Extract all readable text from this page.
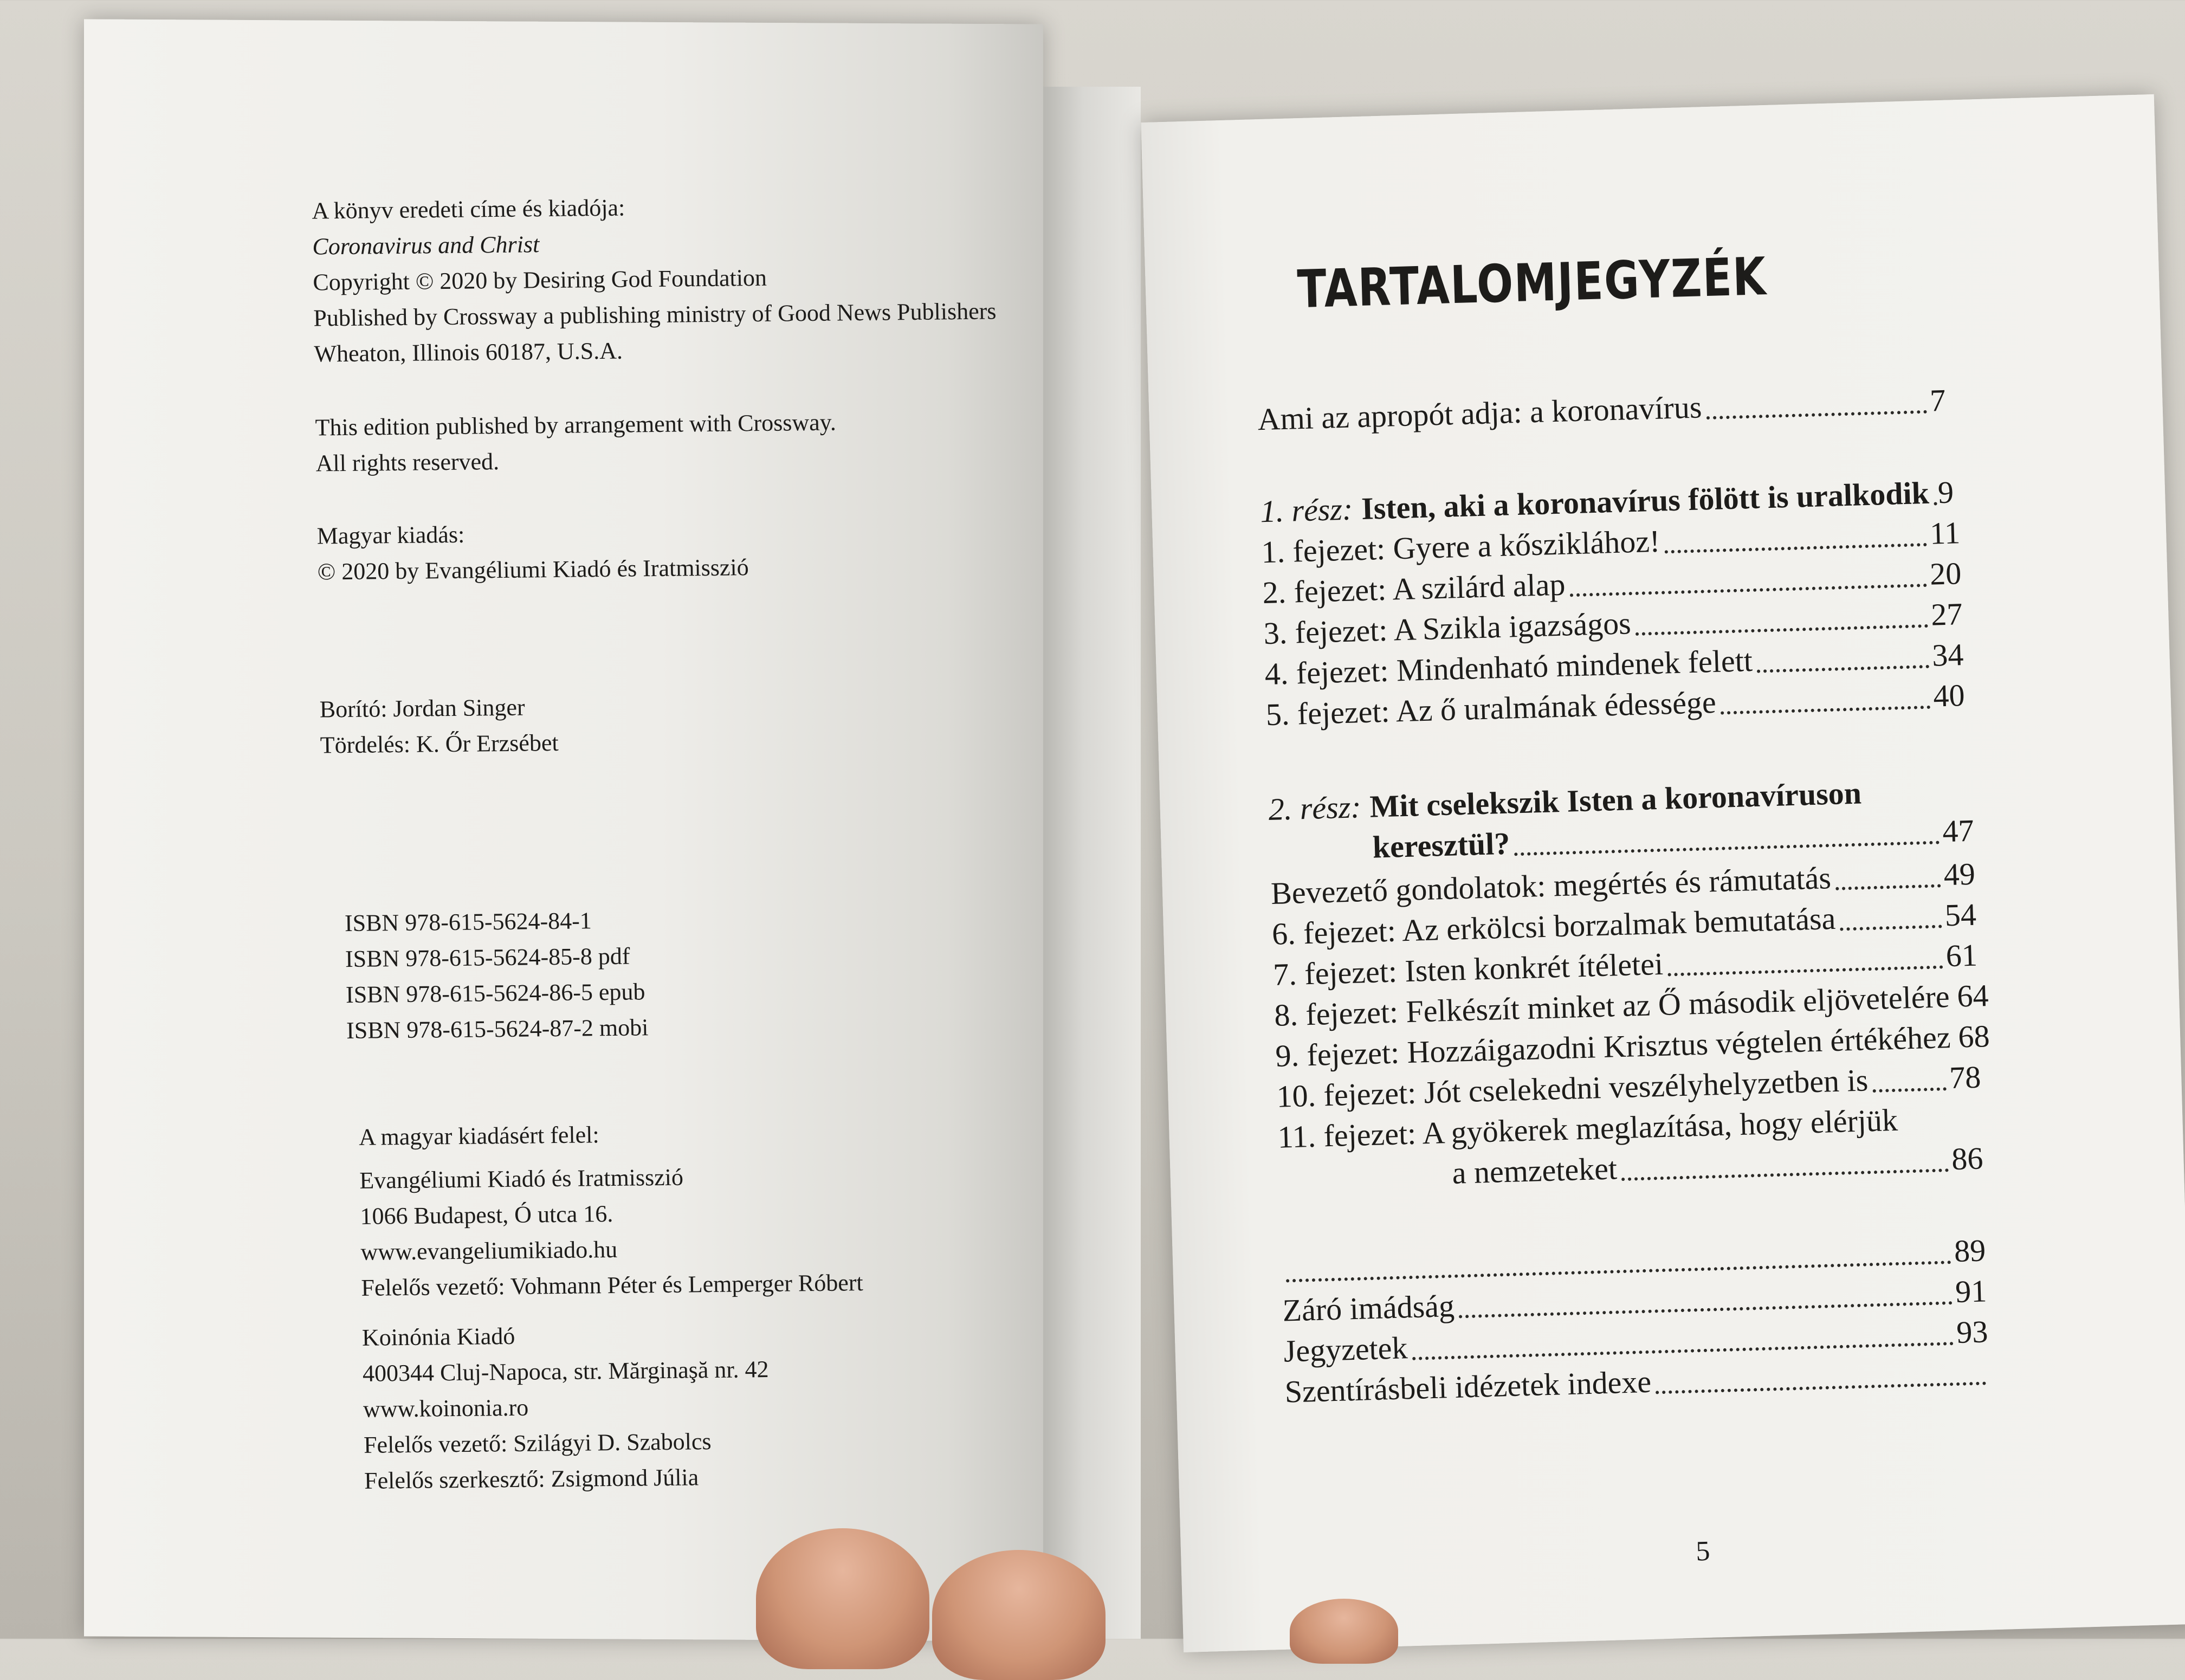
A könyv eredeti címe és kiadója:
Coronavirus and Christ
Copyright © 2020 by Desiring God Foundation
Published by Crossway a publishing ministry of Good News Publishers
Wheaton, Illinois 60187, U.S.A.
This edition published by arrangement with Crossway.
All rights reserved.
Magyar kiadás:
© 2020 by Evangéliumi Kiadó és Iratmisszió
Borító: Jordan Singer
Tördelés: K. Őr Erzsébet
ISBN 978-615-5624-84-1
ISBN 978-615-5624-85-8 pdf
ISBN 978-615-5624-86-5 epub
ISBN 978-615-5624-87-2 mobi
A magyar kiadásért felel:
Evangéliumi Kiadó és Iratmisszió
1066 Budapest, Ó utca 16.
www.evangeliumikiado.hu
Felelős vezető: Vohmann Péter és Lemperger Róbert
Koinónia Kiadó
400344 Cluj-Napoca, str. Mărginaşă nr. 42
www.koinonia.ro
Felelős vezető: Szilágyi D. Szabolcs
Felelős szerkesztő: Zsigmond Júlia
TARTALOMJEGYZÉK
Ami az apropót adja: a koronavírus	7
1. rész: Isten, aki a koronavírus fölött is uralkodik 9
1. fejezet: Gyere a kősziklához!	11
2. fejezet: A szilárd alap	20
3. fejezet: A Szikla igazságos	27
4. fejezet: Mindenható mindenek felett	34
5. fejezet: Az ő uralmának édessége	40
2. rész: Mit cselekszik Isten a koronavíruson
keresztül?	47
Bevezető gondolatok: megértés és rámutatás	49
6. fejezet: Az erkölcsi borzalmak bemutatása	54
7. fejezet: Isten konkrét ítéletei	61
8. fejezet: Felkészít minket az Ő második eljövetelére 64
9. fejezet: Hozzáigazodni Krisztus végtelen értékéhez 68
10. fejezet: Jót cselekedni veszélyhelyzetben is	78
11. fejezet: A gyökerek meglazítása, hogy elérjük
a nemzeteket	86
89
Záró imádság	91
Jegyzetek	93
Szentírásbeli idézetek indexe
5
